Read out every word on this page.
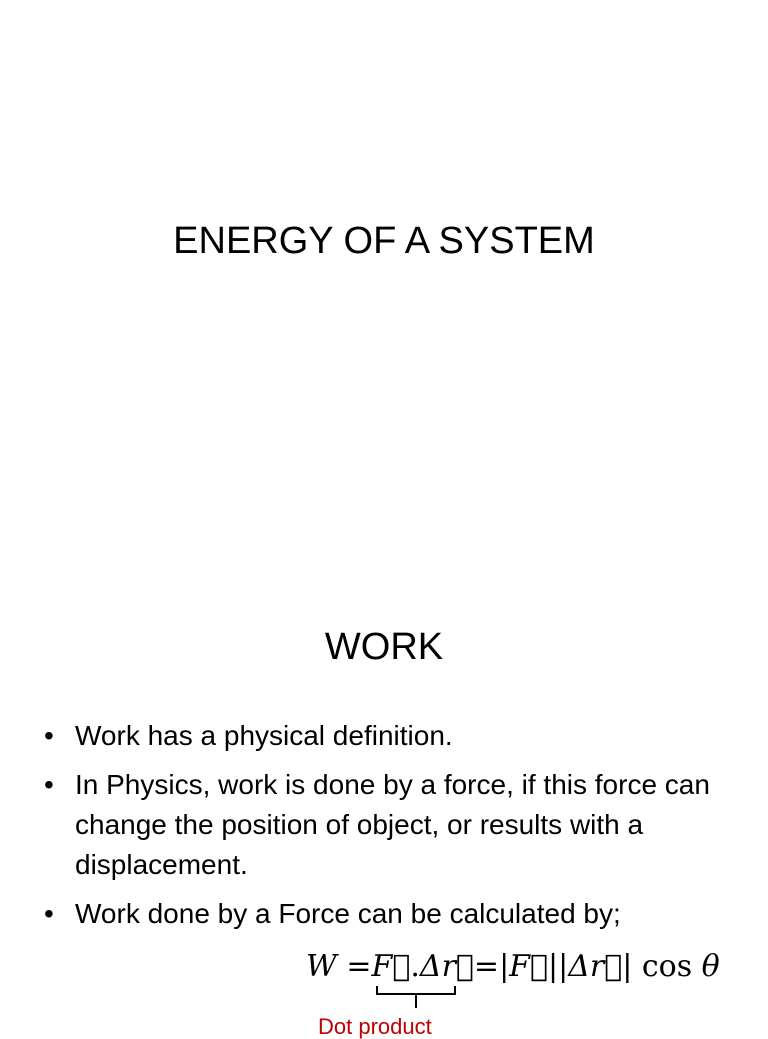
ENERGY OF A SYSTEM
WORK
• Work has a physical definition.
• In Physics, work is done by a force, if this force can change the position of object, or results with a displacement.
• Work done by a Force can be calculated by;
W =F⃗.Δr⃗=|F⃗||Δr⃗| cos θ
Dot product
